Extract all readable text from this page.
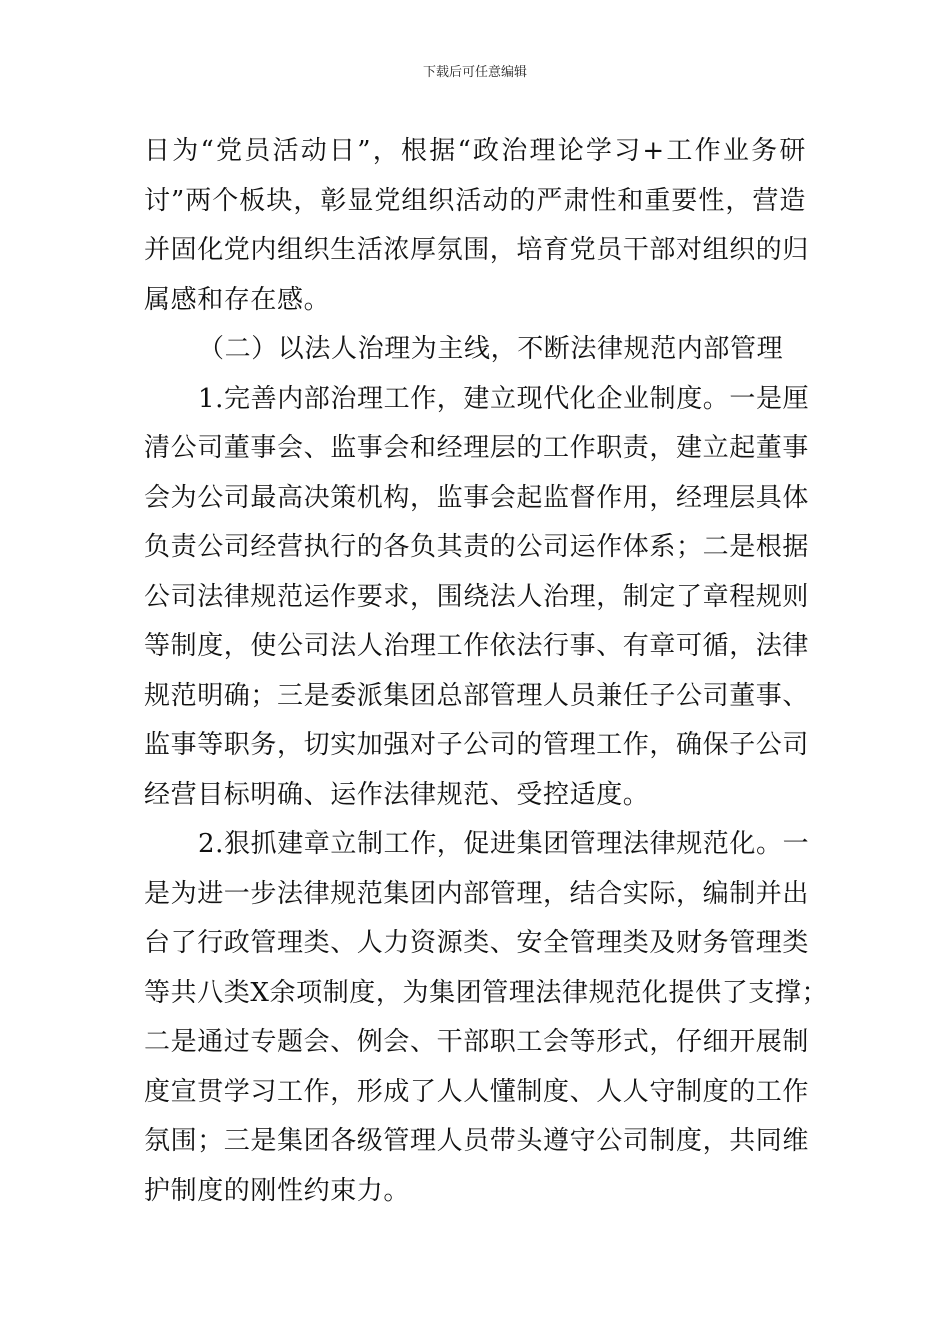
下载后可任意编辑

日为“党员活动日”，根据“政治理论学习+工作业务研
讨”两个板块，彰显党组织活动的严肃性和重要性，营造
并固化党内组织生活浓厚氛围，培育党员干部对组织的归
属感和存在感。

（二）以法人治理为主线，不断法律规范内部管理

1.完善内部治理工作，建立现代化企业制度。一是厘
清公司董事会、监事会和经理层的工作职责，建立起董事
会为公司最高决策机构，监事会起监督作用，经理层具体
负责公司经营执行的各负其责的公司运作体系；二是根据
公司法律规范运作要求，围绕法人治理，制定了章程规则
等制度，使公司法人治理工作依法行事、有章可循，法律
规范明确；三是委派集团总部管理人员兼任子公司董事、
监事等职务，切实加强对子公司的管理工作，确保子公司
经营目标明确、运作法律规范、受控适度。

2.狠抓建章立制工作，促进集团管理法律规范化。一
是为进一步法律规范集团内部管理，结合实际，编制并出
台了行政管理类、人力资源类、安全管理类及财务管理类
等共八类X余项制度，为集团管理法律规范化提供了支撑；
二是通过专题会、例会、干部职工会等形式，仔细开展制
度宣贯学习工作，形成了人人懂制度、人人守制度的工作
氛围；三是集团各级管理人员带头遵守公司制度，共同维
护制度的刚性约束力。
